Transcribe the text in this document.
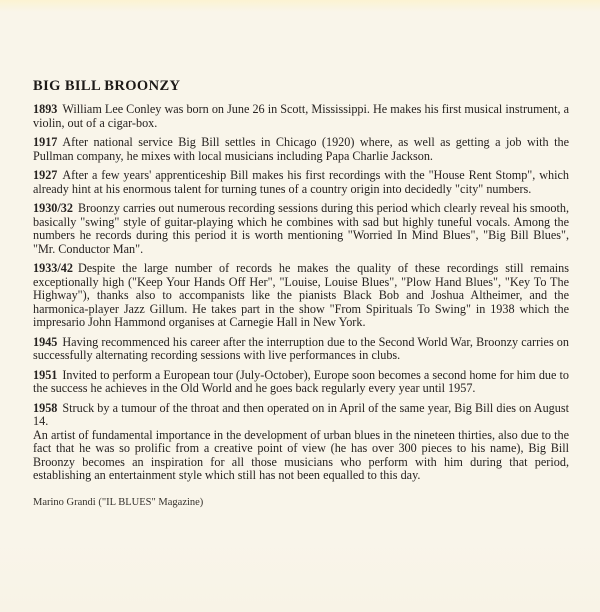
BIG BILL BROONZY

1893 William Lee Conley was born on June 26 in Scott, Mississippi. He makes his first musical instrument, a violin, out of a cigar-box.

1917 After national service Big Bill settles in Chicago (1920) where, as well as getting a job with the Pullman company, he mixes with local musicians including Papa Charlie Jackson.

1927 After a few years' apprenticeship Bill makes his first recordings with the "House Rent Stomp", which already hint at his enormous talent for turning tunes of a country origin into decidedly "city" numbers.

1930/32 Broonzy carries out numerous recording sessions during this period which clearly reveal his smooth, basically "swing" style of guitar-playing which he combines with sad but highly tuneful vocals. Among the numbers he records during this period it is worth mentioning "Worried In Mind Blues", "Big Bill Blues", "Mr. Conductor Man".

1933/42 Despite the large number of records he makes the quality of these recordings still remains exceptionally high ("Keep Your Hands Off Her", "Louise, Louise Blues", "Plow Hand Blues", "Key To The Highway"), thanks also to accompanists like the pianists Black Bob and Joshua Altheimer, and the harmonica-player Jazz Gillum. He takes part in the show "From Spirituals To Swing" in 1938 which the impresario John Hammond organises at Carnegie Hall in New York.

1945 Having recommenced his career after the interruption due to the Second World War, Broonzy carries on successfully alternating recording sessions with live performances in clubs.

1951 Invited to perform a European tour (July-October), Europe soon becomes a second home for him due to the success he achieves in the Old World and he goes back regularly every year until 1957.

1958 Struck by a tumour of the throat and then operated on in April of the same year, Big Bill dies on August 14.

An artist of fundamental importance in the development of urban blues in the nineteen thirties, also due to the fact that he was so prolific from a creative point of view (he has over 300 pieces to his name), Big Bill Broonzy becomes an inspiration for all those musicians who perform with him during that period, establishing an entertainment style which still has not been equalled to this day.

Marino Grandi ("IL BLUES" Magazine)
